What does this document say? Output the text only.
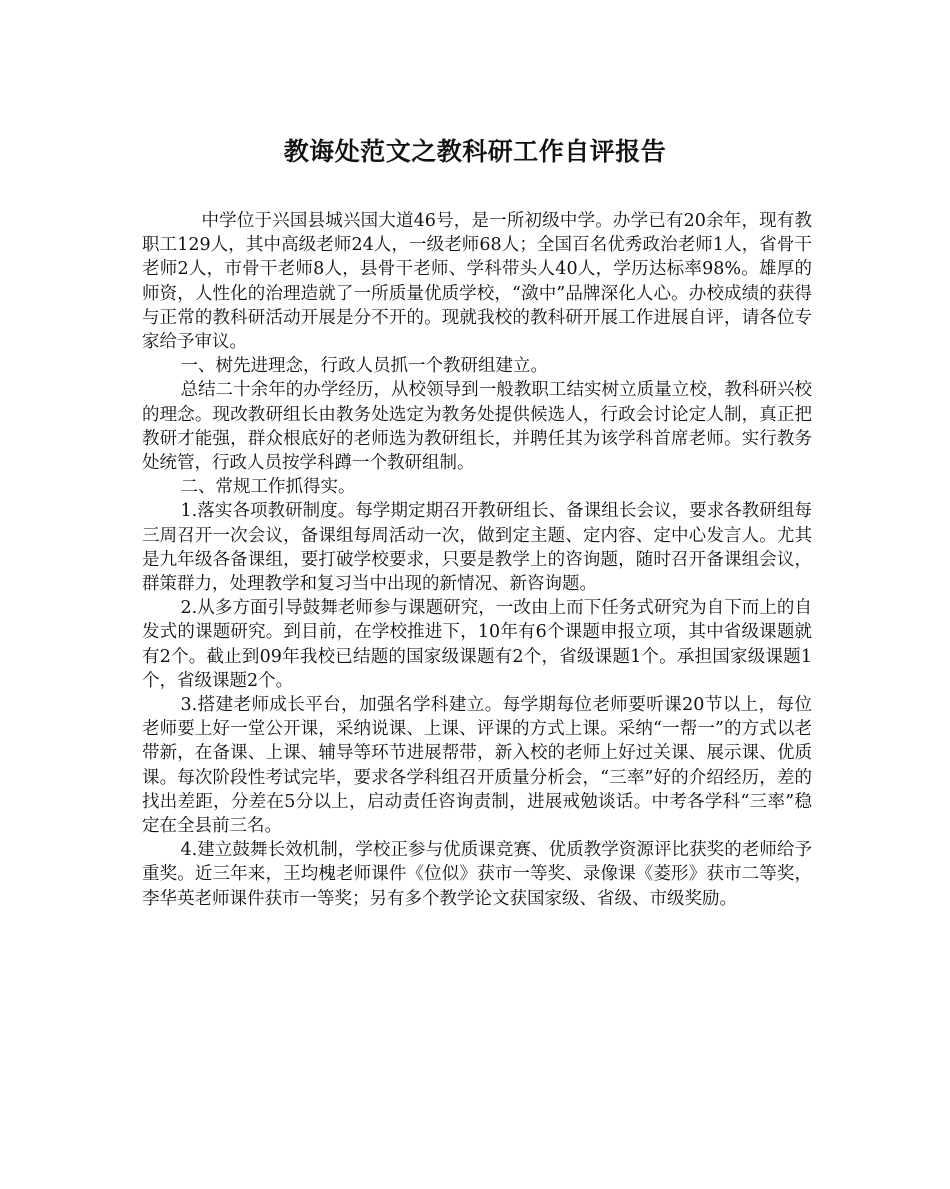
教诲处范文之教科研工作自评报告

中学位于兴国县城兴国大道46号，是一所初级中学。办学已有20余年，现有教职工129人，其中高级老师24人，一级老师68人；全国百名优秀政治老师1人，省骨干老师2人，市骨干老师8人，县骨干老师、学科带头人40人，学历达标率98%。雄厚的师资，人性化的治理造就了一所质量优质学校，“潋中”品牌深化人心。办校成绩的获得与正常的教科研活动开展是分不开的。现就我校的教科研开展工作进展自评，请各位专家给予审议。

一、树先进理念，行政人员抓一个教研组建立。

总结二十余年的办学经历，从校领导到一般教职工结实树立质量立校，教科研兴校的理念。现改教研组长由教务处选定为教务处提供候选人，行政会讨论定人制，真正把教研才能强，群众根底好的老师选为教研组长，并聘任其为该学科首席老师。实行教务处统管，行政人员按学科蹲一个教研组制。

二、常规工作抓得实。

1.落实各项教研制度。每学期定期召开教研组长、备课组长会议，要求各教研组每三周召开一次会议，备课组每周活动一次，做到定主题、定内容、定中心发言人。尤其是九年级各备课组，要打破学校要求，只要是教学上的咨询题，随时召开备课组会议，群策群力，处理教学和复习当中出现的新情况、新咨询题。

2.从多方面引导鼓舞老师参与课题研究，一改由上而下任务式研究为自下而上的自发式的课题研究。到目前，在学校推进下，10年有6个课题申报立项，其中省级课题就有2个。截止到09年我校已结题的国家级课题有2个，省级课题1个。承担国家级课题1个，省级课题2个。

3.搭建老师成长平台，加强名学科建立。每学期每位老师要听课20节以上，每位老师要上好一堂公开课，采纳说课、上课、评课的方式上课。采纳“一帮一”的方式以老带新，在备课、上课、辅导等环节进展帮带，新入校的老师上好过关课、展示课、优质课。每次阶段性考试完毕，要求各学科组召开质量分析会，“三率”好的介绍经历，差的找出差距，分差在5分以上，启动责任咨询责制，进展戒勉谈话。中考各学科“三率”稳定在全县前三名。

4.建立鼓舞长效机制，学校正参与优质课竞赛、优质教学资源评比获奖的老师给予重奖。近三年来，王均槐老师课件《位似》获市一等奖、录像课《菱形》获市二等奖，李华英老师课件获市一等奖；另有多个教学论文获国家级、省级、市级奖励。
